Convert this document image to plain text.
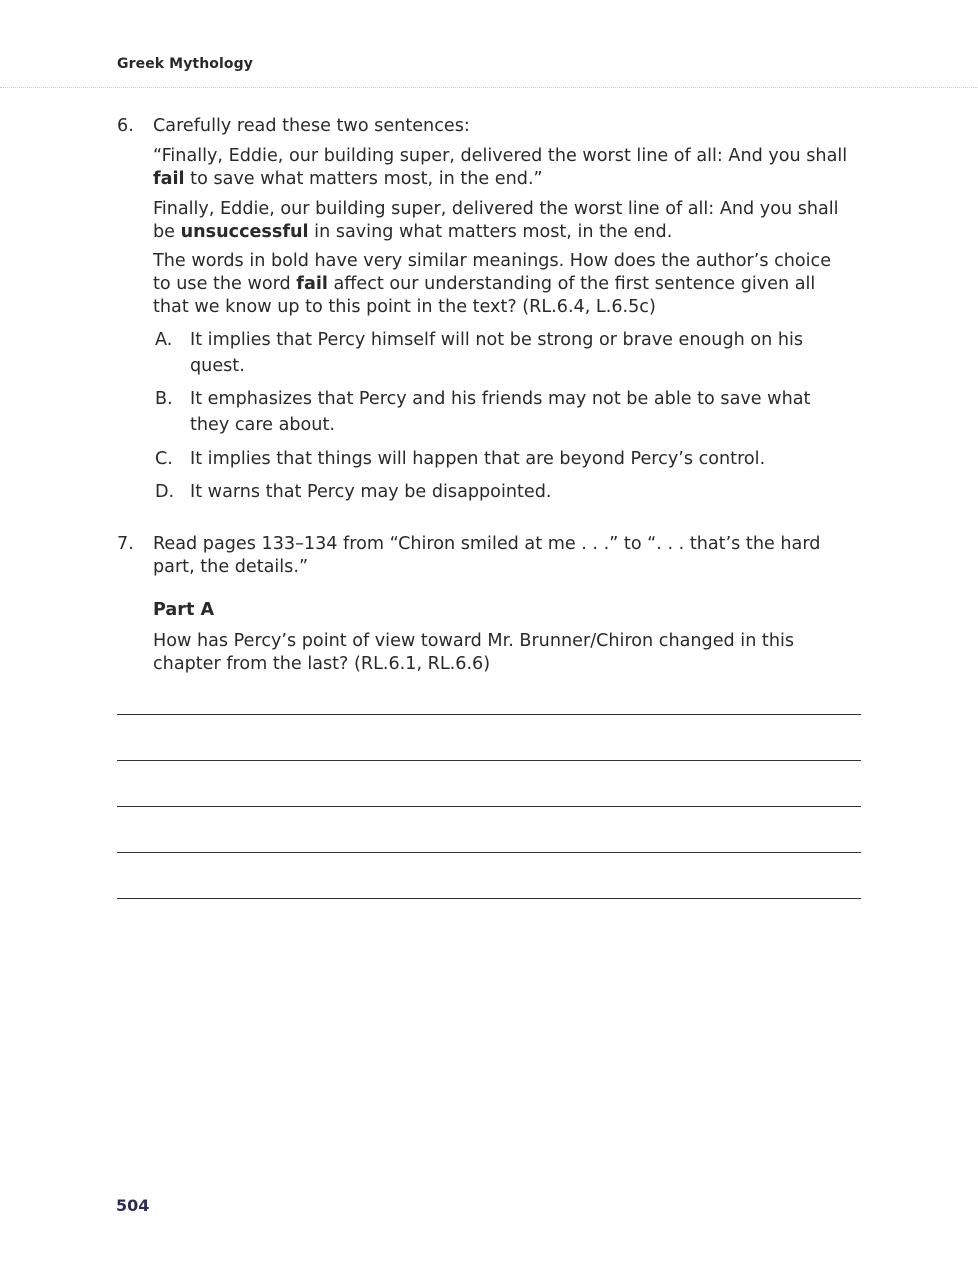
Greek Mythology
6. Carefully read these two sentences:

“Finally, Eddie, our building super, delivered the worst line of all: And you shall fail to save what matters most, in the end.”

Finally, Eddie, our building super, delivered the worst line of all: And you shall be unsuccessful in saving what matters most, in the end.

The words in bold have very similar meanings. How does the author’s choice to use the word fail affect our understanding of the first sentence given all that we know up to this point in the text? (RL.6.4, L.6.5c)

A. It implies that Percy himself will not be strong or brave enough on his quest.

B. It emphasizes that Percy and his friends may not be able to save what they care about.

C. It implies that things will happen that are beyond Percy’s control.

D. It warns that Percy may be disappointed.

7. Read pages 133–134 from “Chiron smiled at me . . .” to “. . . that’s the hard part, the details.”

Part A

How has Percy’s point of view toward Mr. Brunner/Chiron changed in this chapter from the last? (RL.6.1, RL.6.6)

504
